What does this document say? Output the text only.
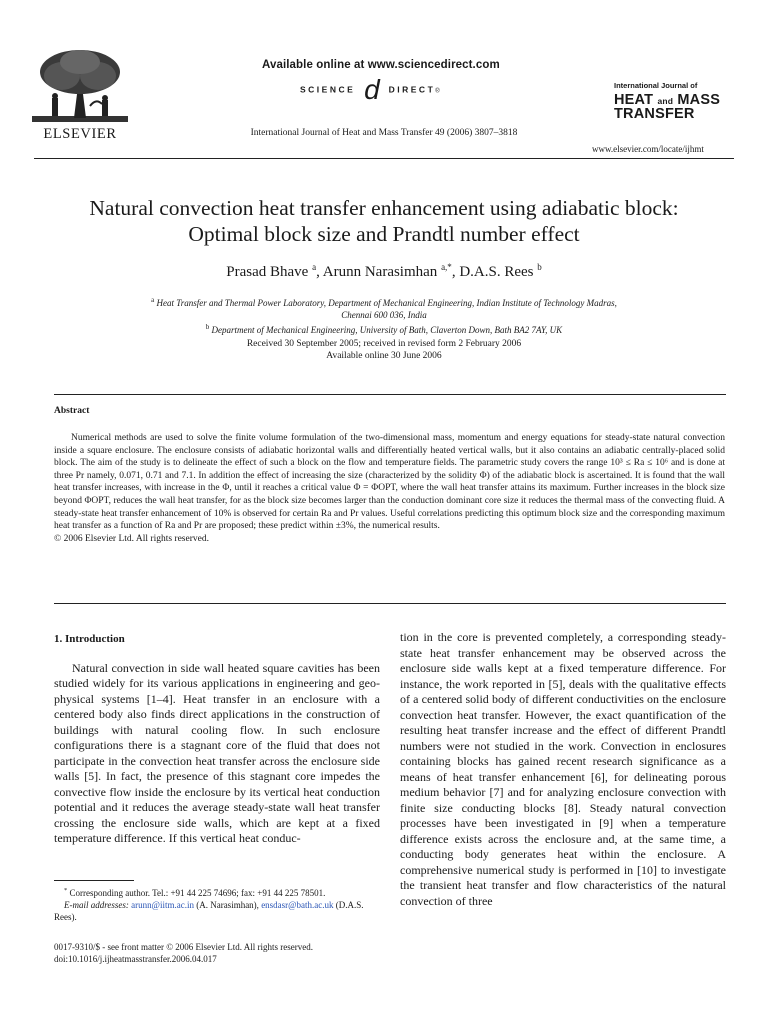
ELSEVIER
Available online at www.sciencedirect.com
SCIENCE d DIRECT®
International Journal of Heat and Mass Transfer 49 (2006) 3807–3818
International Journal of
HEAT and MASS
TRANSFER
www.elsevier.com/locate/ijhmt
Natural convection heat transfer enhancement using adiabatic block:
Optimal block size and Prandtl number effect
Prasad Bhave $^a$, Arunn Narasimhan $^{a,*}$, D.A.S. Rees $^b$
$^a$ Heat Transfer and Thermal Power Laboratory, Department of Mechanical Engineering, Indian Institute of Technology Madras,
Chennai 600 036, India
$^b$ Department of Mechanical Engineering, University of Bath, Claverton Down, Bath BA2 7AY, UK
Received 30 September 2005; received in revised form 2 February 2006
Available online 30 June 2006
Abstract

Numerical methods are used to solve the finite volume formulation of the two-dimensional mass, momentum and energy equations for steady-state natural convection inside a square enclosure. The enclosure consists of adiabatic horizontal walls and differentially heated vertical walls, but it also contains an adiabatic centrally-placed solid block. The aim of the study is to delineate the effect of such a block on the flow and temperature fields. The parametric study covers the range 10³ ≤ Ra ≤ 10⁶ and is done at three Pr namely, 0.071, 0.71 and 7.1. In addition the effect of increasing the size (characterized by the solidity Φ) of the adiabatic block is ascertained. It is found that the wall heat transfer increases, with increase in the Φ, until it reaches a critical value Φ = ΦOPT, where the wall heat transfer attains its maximum. Further increases in the block size beyond ΦOPT, reduces the wall heat transfer, for as the block size becomes larger than the conduction dominant core size it reduces the thermal mass of the convecting fluid. A steady-state heat transfer enhancement of 10% is observed for certain Ra and Pr values. Useful correlations predicting this optimum block size and the corresponding maximum heat transfer as a function of Ra and Pr are proposed; these predict within ±3%, the numerical results.

© 2006 Elsevier Ltd. All rights reserved.

1. Introduction

Natural convection in side wall heated square cavities has been studied widely for its various applications in engineering and geo-physical systems [1–4]. Heat transfer in an enclosure with a centered body also finds direct applications in the construction of buildings with natural cooling flow. In such enclosure configurations there is a stagnant core of the fluid that does not participate in the convection heat transfer across the enclosure side walls [5]. In fact, the presence of this stagnant core impedes the convective flow inside the enclosure by its vertical heat conduction potential and it reduces the average steady-state wall heat transfer crossing the enclosure side walls, which are kept at a fixed temperature difference. If this vertical heat conduc-

tion in the core is prevented completely, a corresponding steady-state heat transfer enhancement may be observed across the enclosure side walls kept at a fixed temperature difference. For instance, the work reported in [5], deals with the qualitative effects of a centered solid body of different conductivities on the enclosure convection heat transfer. However, the exact quantification of the resulting heat transfer increase and the effect of different Prandtl numbers were not studied in the work. Convection in enclosures containing blocks has gained recent research significance as a means of heat transfer enhancement [6], for delineating porous medium behavior [7] and for analyzing enclosure convection with finite size conducting blocks [8]. Steady natural convection processes have been investigated in [9] when a temperature difference exists across the enclosure and, at the same time, a conducting body generates heat within the enclosure. A comprehensive numerical study is performed in [10] to investigate the transient heat transfer and flow characteristics of the natural convection of three

* Corresponding author. Tel.: +91 44 225 74696; fax: +91 44 225 78501.
E-mail addresses: arunn@iitm.ac.in (A. Narasimhan), ensdasr@bath.ac.uk (D.A.S. Rees).
0017-9310/$ - see front matter © 2006 Elsevier Ltd. All rights reserved.
doi:10.1016/j.ijheatmasstransfer.2006.04.017
